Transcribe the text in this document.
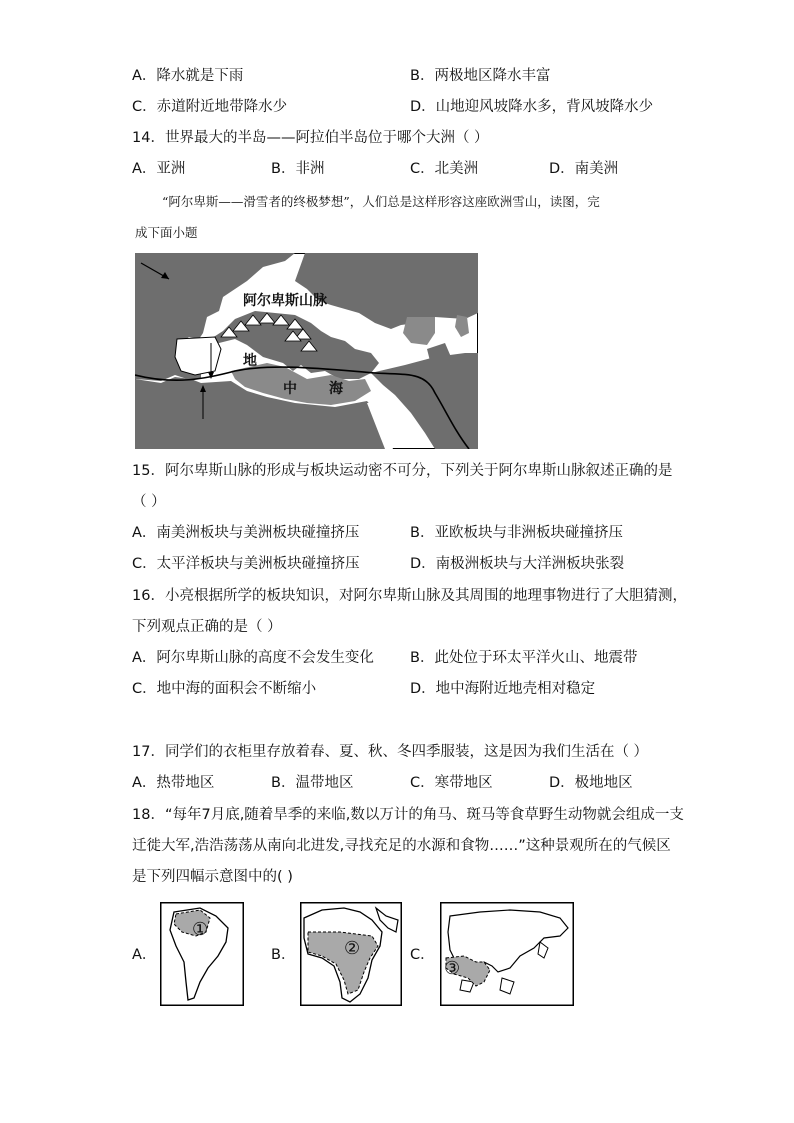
A．降水就是下雨	B．两极地区降水丰富
C．赤道附近地带降水少	D．山地迎风坡降水多，背风坡降水少
14．世界最大的半岛——阿拉伯半岛位于哪个大洲（ ）
A．亚洲	B．非洲	C．北美洲	D．南美洲
“阿尔卑斯——滑雪者的终极梦想”，人们总是这样形容这座欧洲雪山，读图，完
成下面小题
阿尔卑斯山脉
地
中 海
15．阿尔卑斯山脉的形成与板块运动密不可分，下列关于阿尔卑斯山脉叙述正确的是
（ ）
A．南美洲板块与美洲板块碰撞挤压	B．亚欧板块与非洲板块碰撞挤压
C．太平洋板块与美洲板块碰撞挤压	D．南极洲板块与大洋洲板块张裂
16．小亮根据所学的板块知识，对阿尔卑斯山脉及其周围的地理事物进行了大胆猜测，
下列观点正确的是（ ）
A．阿尔卑斯山脉的高度不会发生变化 B．此处位于环太平洋火山、地震带
C．地中海的面积会不断缩小	D．地中海附近地壳相对稳定
17．同学们的衣柜里存放着春、夏、秋、冬四季服装，这是因为我们生活在（ ）
A．热带地区	B．温带地区	C．寒带地区	D．极地地区
18．“每年7月底,随着旱季的来临,数以万计的角马、斑马等食草野生动物就会组成一支
迁徙大军,浩浩荡荡从南向北进发,寻找充足的水源和食物……”这种景观所在的气候区
是下列四幅示意图中的( )
A．
①
B．	②	C．
③
